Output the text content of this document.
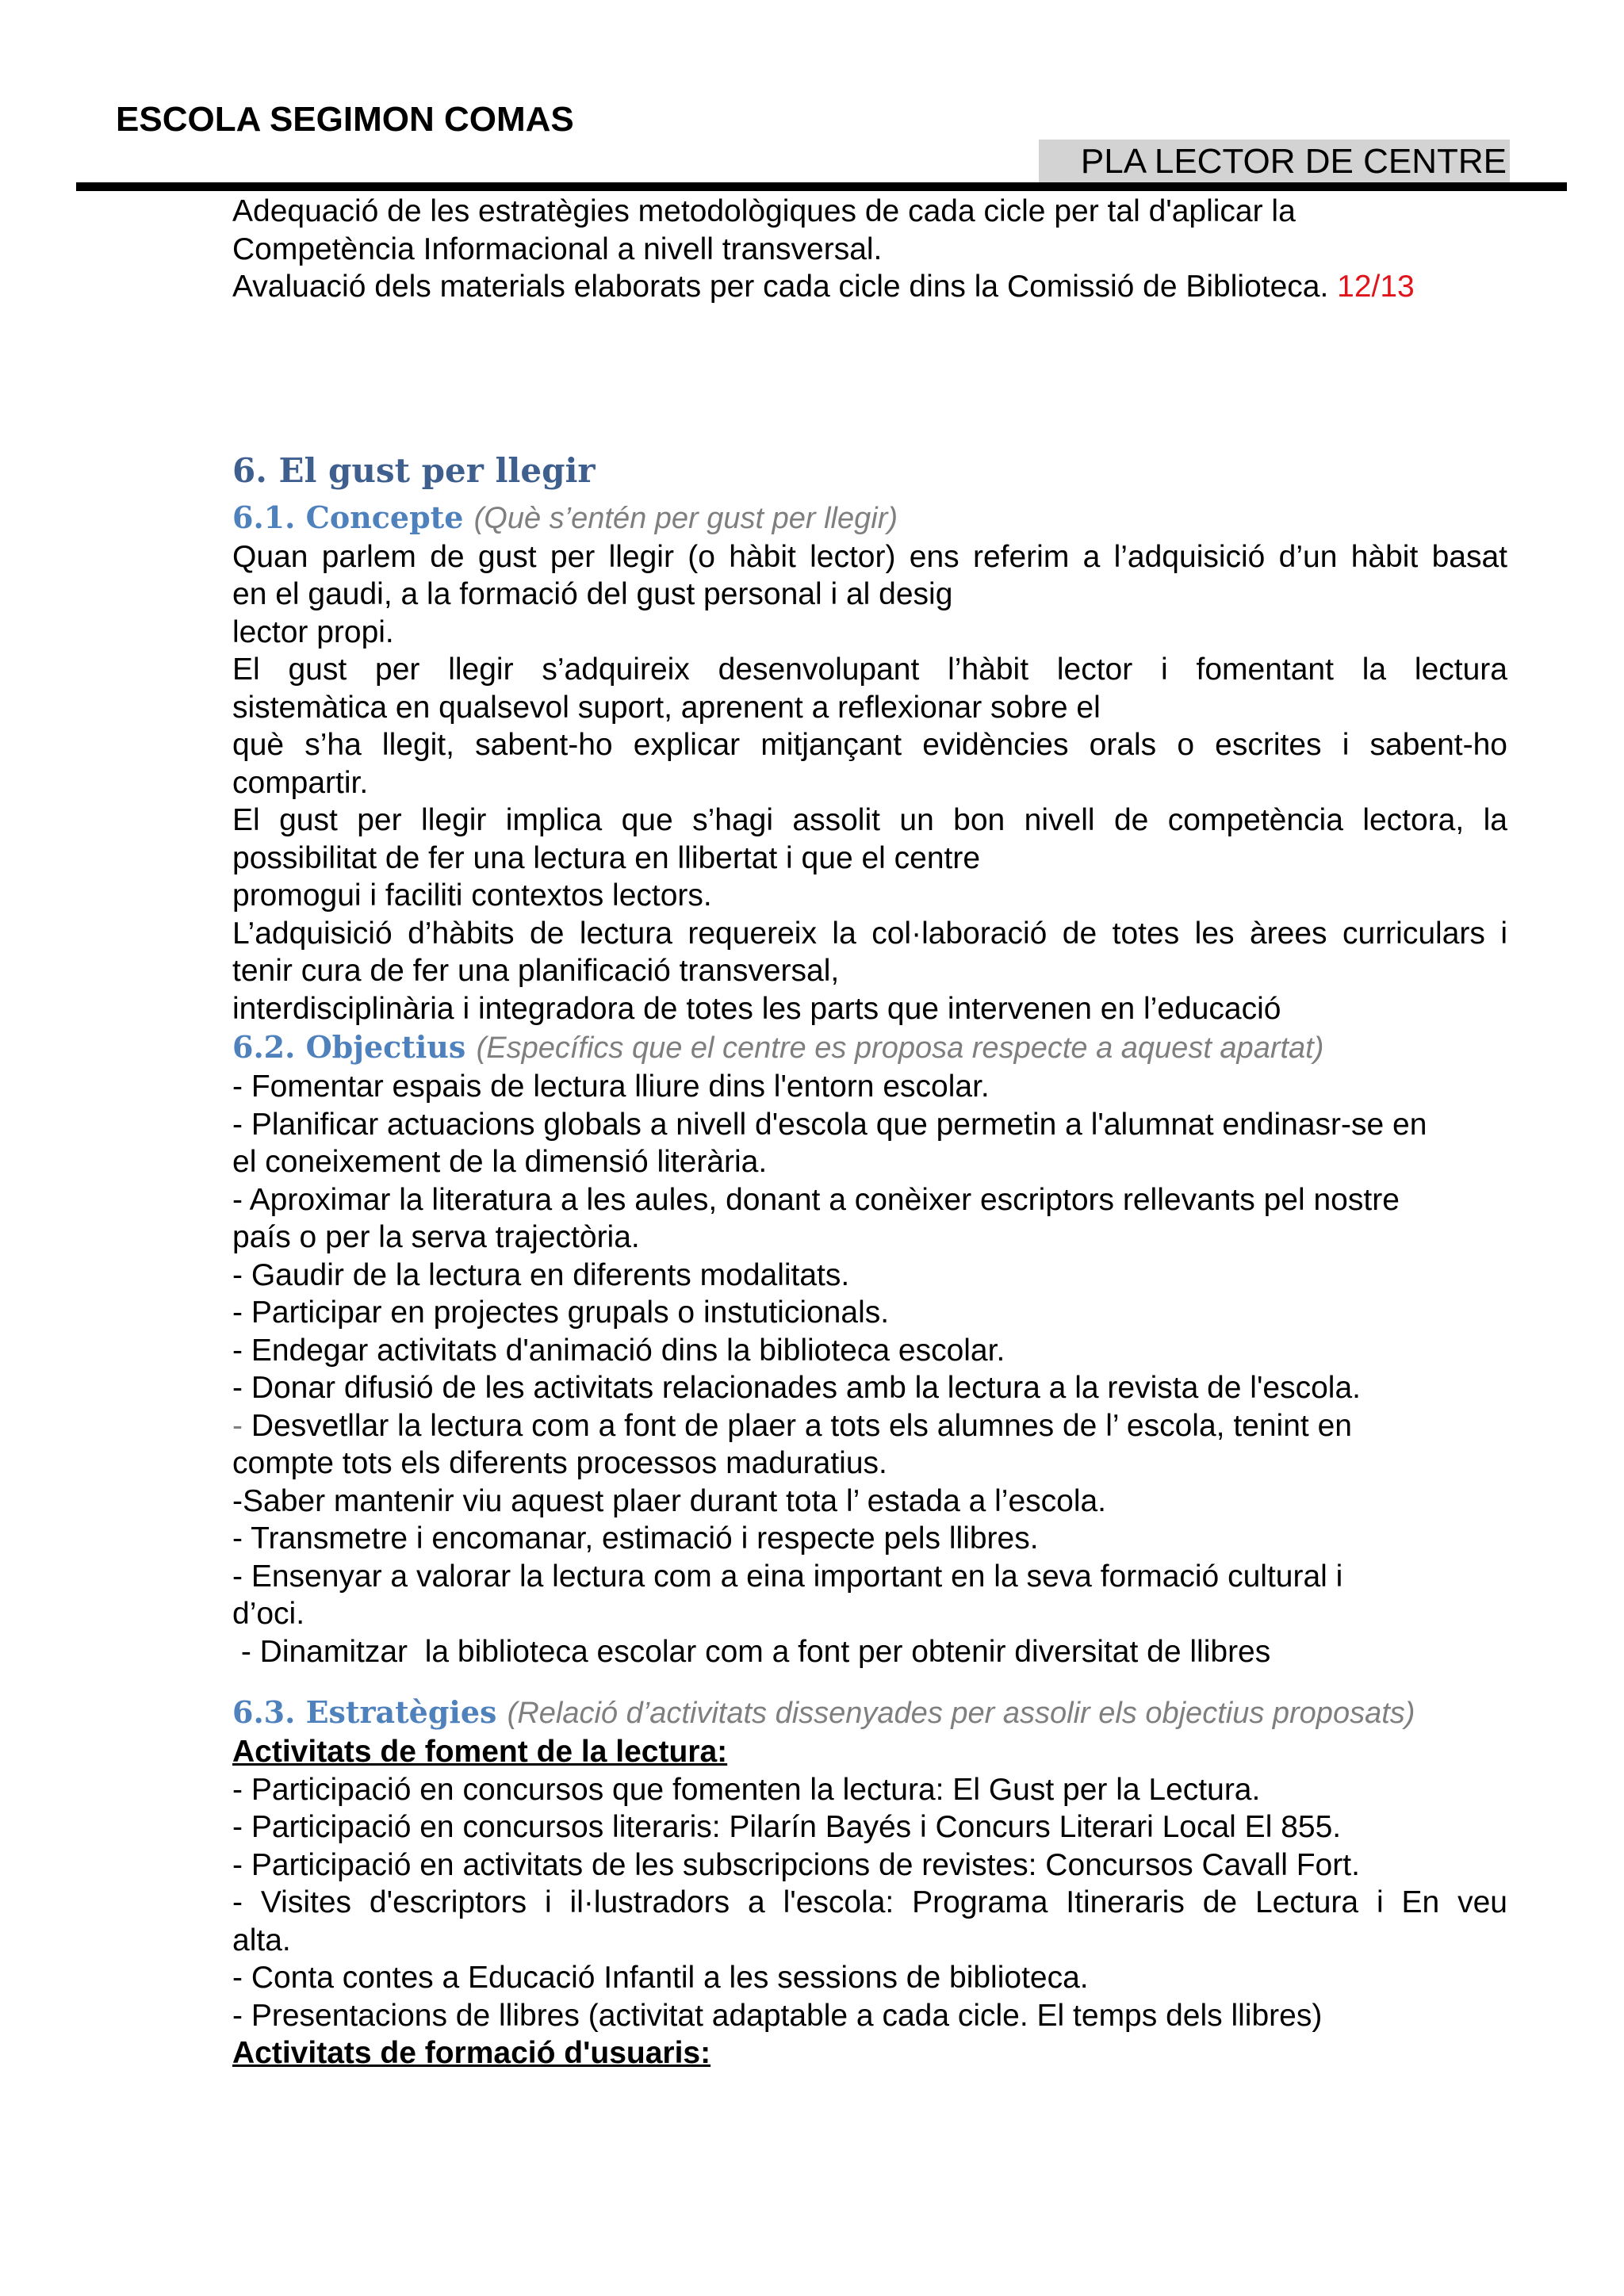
ESCOLA SEGIMON COMAS
PLA LECTOR DE CENTRE

Adequació de les estratègies metodològiques de cada cicle per tal d'aplicar la

Competència Informacional a nivell transversal.

Avaluació dels materials elaborats per cada cicle dins la Comissió de Biblioteca. 12/13

6. El gust per llegir
6.1. Concepte (Què s’entén per gust per llegir)

Quan parlem de gust per llegir (o hàbit lector) ens referim a l’adquisició d’un hàbit basat

en el gaudi, a la formació del gust personal i al desig

lector propi.

El gust per llegir s’adquireix desenvolupant l’hàbit lector i fomentant la lectura

sistemàtica en qualsevol suport, aprenent a reflexionar sobre el

què s’ha llegit, sabent-ho explicar mitjançant evidències orals o escrites i sabent-ho

compartir.

El gust per llegir implica que s’hagi assolit un bon nivell de competència lectora, la

possibilitat de fer una lectura en llibertat i que el centre

promogui i faciliti contextos lectors.

L’adquisició d’hàbits de lectura requereix la col·laboració de totes les àrees curriculars i

tenir cura de fer una planificació transversal,

interdisciplinària i integradora de totes les parts que intervenen en l’educació

6.2. Objectius (Específics que el centre es proposa respecte a aquest apartat)

- Fomentar espais de lectura lliure dins l'entorn escolar.

- Planificar actuacions globals a nivell d'escola que permetin a l'alumnat endinasr-se en

el coneixement de la dimensió literària.

- Aproximar la literatura a les aules, donant a conèixer escriptors rellevants pel nostre

país o per la serva trajectòria.

- Gaudir de la lectura en diferents modalitats.

- Participar en projectes grupals o instuticionals.

- Endegar activitats d'animació dins la biblioteca escolar.

- Donar difusió de les activitats relacionades amb la lectura a la revista de l'escola.

- Desvetllar la lectura com a font de plaer a tots els alumnes de l’ escola, tenint en

compte tots els diferents processos maduratius.

-Saber mantenir viu aquest plaer durant tota l’ estada a l’escola.

- Transmetre i encomanar, estimació i respecte pels llibres.

- Ensenyar a valorar la lectura com a eina important en la seva formació cultural i

d’oci.

- Dinamitzar  la biblioteca escolar com a font per obtenir diversitat de llibres

6.3. Estratègies (Relació d’activitats dissenyades per assolir els objectius proposats)

Activitats de foment de la lectura:

- Participació en concursos que fomenten la lectura: El Gust per la Lectura.

- Participació en concursos literaris: Pilarín Bayés i Concurs Literari Local El 855.

- Participació en activitats de les subscripcions de revistes: Concursos Cavall Fort.

- Visites d'escriptors i il·lustradors a l'escola: Programa Itineraris de Lectura i En veu

alta.

- Conta contes a Educació Infantil a les sessions de biblioteca.

- Presentacions de llibres (activitat adaptable a cada cicle. El temps dels llibres)

Activitats de formació d'usuaris:
